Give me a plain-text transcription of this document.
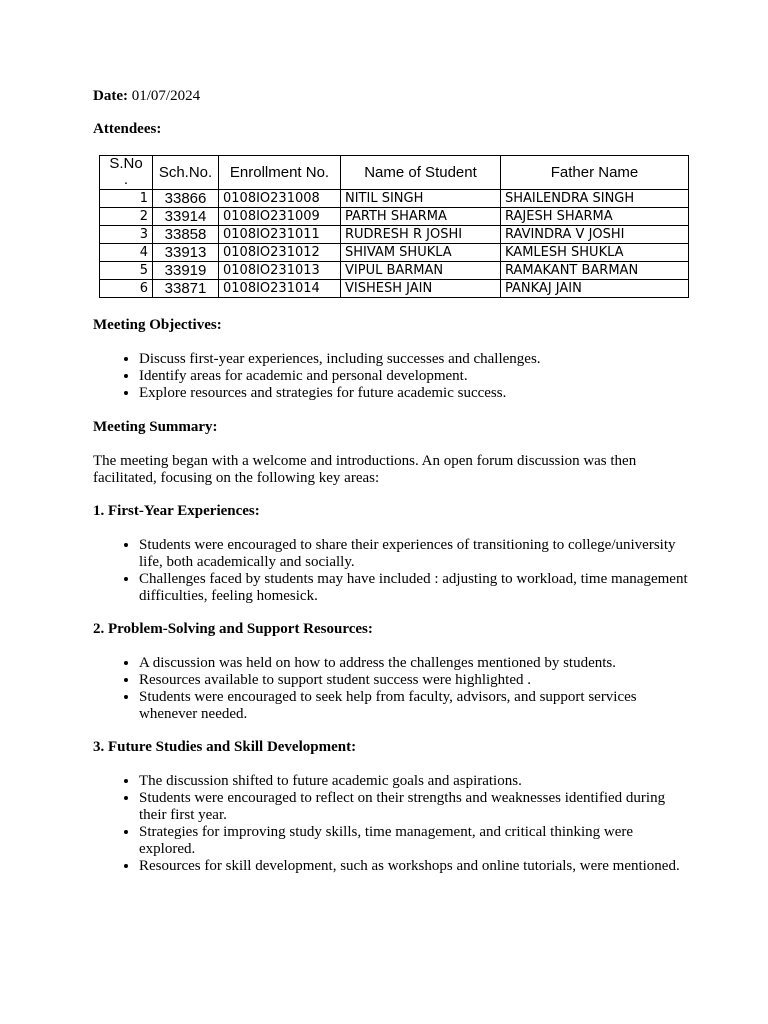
Date: 01/07/2024
Attendees:
S.No
.	Sch.No.	Enrollment No.	Name of Student	Father Name
1	33866	0108IO231008	NITIL SINGH	SHAILENDRA SINGH
2	33914	0108IO231009	PARTH SHARMA	RAJESH SHARMA
3	33858	0108IO231011	RUDRESH R JOSHI	RAVINDRA V JOSHI
4	33913	0108IO231012	SHIVAM SHUKLA	KAMLESH SHUKLA
5	33919	0108IO231013	VIPUL BARMAN	RAMAKANT BARMAN
6	33871	0108IO231014	VISHESH JAIN	PANKAJ JAIN
Meeting Objectives:
• Discuss first-year experiences, including successes and challenges.
• Identify areas for academic and personal development.
• Explore resources and strategies for future academic success.
Meeting Summary:
The meeting began with a welcome and introductions. An open forum discussion was then facilitated, focusing on the following key areas:
1. First-Year Experiences:
• Students were encouraged to share their experiences of transitioning to college/university life, both academically and socially.
• Challenges faced by students may have included : adjusting to workload, time management difficulties, feeling homesick.
2. Problem-Solving and Support Resources:
• A discussion was held on how to address the challenges mentioned by students.
• Resources available to support student success were highlighted .
• Students were encouraged to seek help from faculty, advisors, and support services whenever needed.
3. Future Studies and Skill Development:
• The discussion shifted to future academic goals and aspirations.
• Students were encouraged to reflect on their strengths and weaknesses identified during their first year.
• Strategies for improving study skills, time management, and critical thinking were explored.
• Resources for skill development, such as workshops and online tutorials, were mentioned.
